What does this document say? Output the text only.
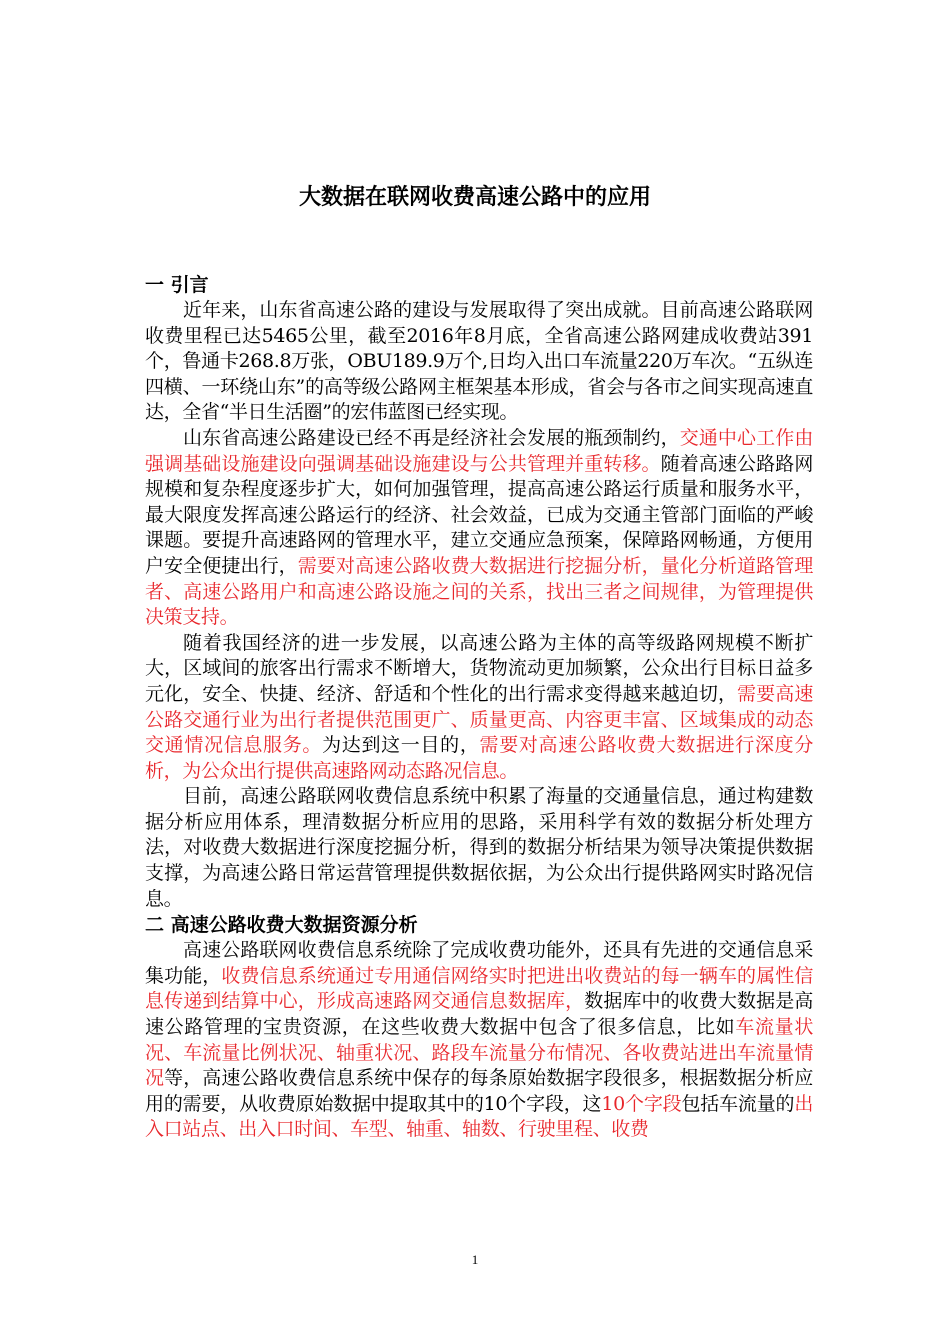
大数据在联网收费高速公路中的应用
一 引言

近年来，山东省高速公路的建设与发展取得了突出成就。目前高速公路联网收费里程已达5465公里，截至2016年8月底，全省高速公路网建成收费站391个，鲁通卡268.8万张，OBU189.9万个,日均入出口车流量220万车次。“五纵连四横、一环绕山东”的高等级公路网主框架基本形成，省会与各市之间实现高速直达，全省“半日生活圈”的宏伟蓝图已经实现。

山东省高速公路建设已经不再是经济社会发展的瓶颈制约，交通中心工作由强调基础设施建设向强调基础设施建设与公共管理并重转移。随着高速公路路网规模和复杂程度逐步扩大，如何加强管理，提高高速公路运行质量和服务水平，最大限度发挥高速公路运行的经济、社会效益，已成为交通主管部门面临的严峻课题。要提升高速路网的管理水平，建立交通应急预案，保障路网畅通，方便用户安全便捷出行，需要对高速公路收费大数据进行挖掘分析，量化分析道路管理者、高速公路用户和高速公路设施之间的关系，找出三者之间规律，为管理提供决策支持。

随着我国经济的进一步发展，以高速公路为主体的高等级路网规模不断扩大，区域间的旅客出行需求不断增大，货物流动更加频繁，公众出行目标日益多元化，安全、快捷、经济、舒适和个性化的出行需求变得越来越迫切，需要高速公路交通行业为出行者提供范围更广、质量更高、内容更丰富、区域集成的动态交通情况信息服务。为达到这一目的，需要对高速公路收费大数据进行深度分析，为公众出行提供高速路网动态路况信息。

目前，高速公路联网收费信息系统中积累了海量的交通量信息，通过构建数据分析应用体系，理清数据分析应用的思路，采用科学有效的数据分析处理方法，对收费大数据进行深度挖掘分析，得到的数据分析结果为领导决策提供数据支撑，为高速公路日常运营管理提供数据依据，为公众出行提供路网实时路况信息。

二 高速公路收费大数据资源分析

高速公路联网收费信息系统除了完成收费功能外，还具有先进的交通信息采集功能，收费信息系统通过专用通信网络实时把进出收费站的每一辆车的属性信息传递到结算中心，形成高速路网交通信息数据库，数据库中的收费大数据是高速公路管理的宝贵资源，在这些收费大数据中包含了很多信息，比如车流量状况、车流量比例状况、轴重状况、路段车流量分布情况、各收费站进出车流量情况等，高速公路收费信息系统中保存的每条原始数据字段很多，根据数据分析应用的需要，从收费原始数据中提取其中的10个字段，这10个字段包括车流量的出入口站点、出入口时间、车型、轴重、轴数、行驶里程、收费

1
